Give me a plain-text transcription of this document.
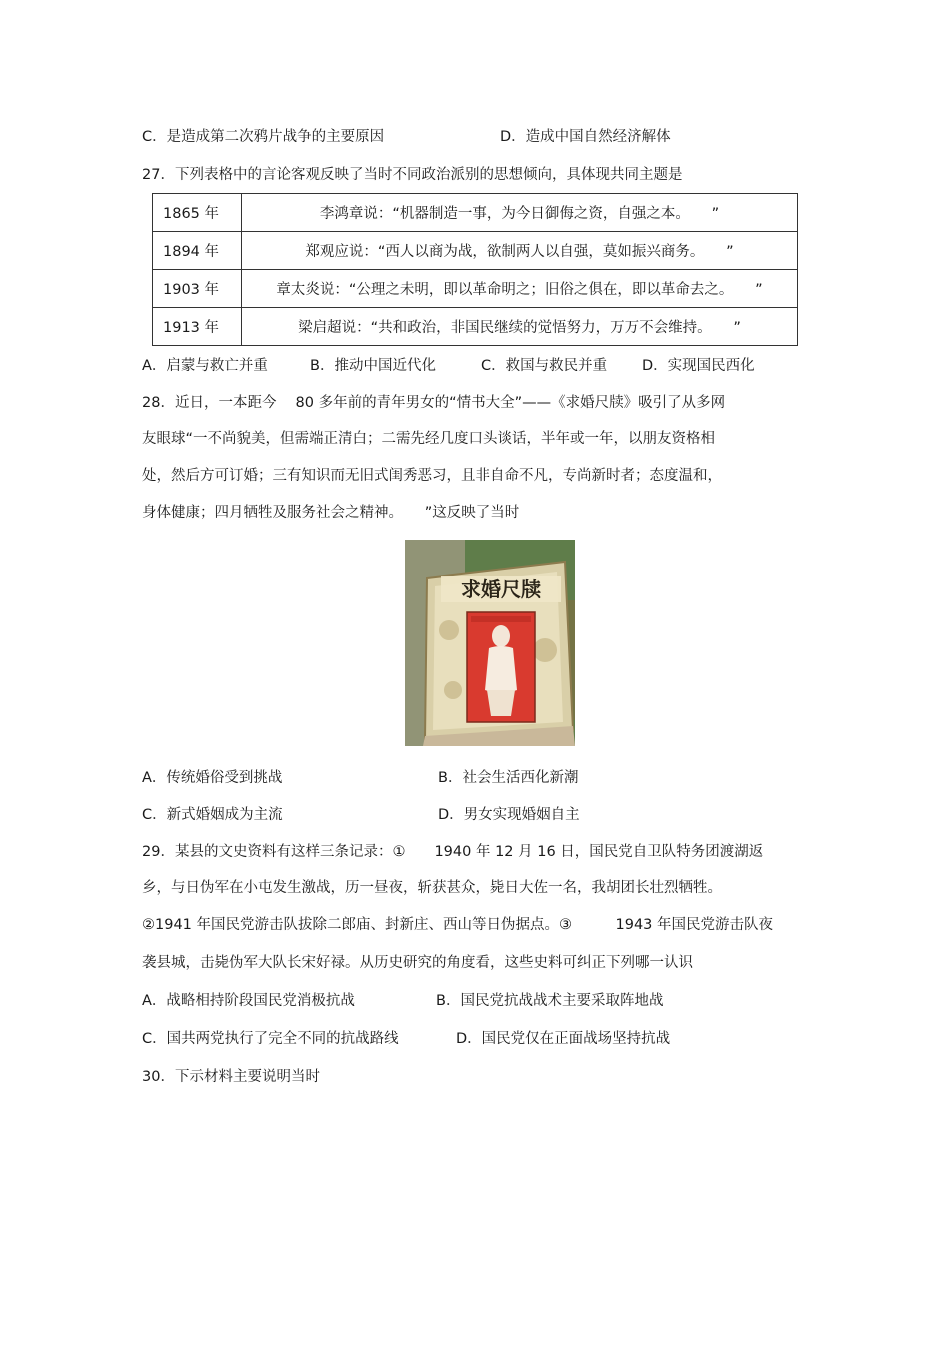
C．是造成第二次鸦片战争的主要原因	D．造成中国自然经济解体
27．下列表格中的言论客观反映了当时不同政治派别的思想倾向，具体现共同主题是
1865 年	李鸿章说：“机器制造一事，为今日御侮之资，自强之本。　　”
1894 年	郑观应说：“西人以商为战，欲制两人以自强，莫如振兴商务。　　”
1903 年	章太炎说：“公理之未明，即以革命明之；旧俗之俱在，即以革命去之。　　”
1913 年	梁启超说：“共和政治，非国民继续的觉悟努力，万万不会维持。　　”
A．启蒙与救亡并重	B．推动中国近代化	C．救国与救民并重 D．实现国民西化
28．近日，一本距今　 80 多年前的青年男女的“情书大全”——《求婚尺牍》吸引了从多网
友眼球“一不尚貌美，但需端正清白；二需先经几度口头谈话，半年或一年，以朋友资格相
处，然后方可订婚；三有知识而无旧式闺秀恶习，且非自命不凡，专尚新时者；态度温和，
身体健康；四月牺牲及服务社会之精神。　　”这反映了当时
求婚尺牍
A．传统婚俗受到挑战	B．社会生活西化新潮
C．新式婚姻成为主流	D．男女实现婚姻自主
29．某县的文史资料有这样三条记录：①　　1940 年 12 月 16 日，国民党自卫队特务团渡湖返
乡，与日伪军在小屯发生激战，历一昼夜，斩获甚众，毙日大佐一名，我胡团长壮烈牺牲。
②1941 年国民党游击队拔除二郎庙、封新庄、西山等日伪据点。③　　　1943 年国民党游击队夜
袭县城，击毙伪军大队长宋好禄。从历史研究的角度看，这些史料可纠正下列哪一认识
A．战略相持阶段国民党消极抗战	B．国民党抗战战术主要采取阵地战
C．国共两党执行了完全不同的抗战路线	D．国民党仅在正面战场坚持抗战
30．下示材料主要说明当时
